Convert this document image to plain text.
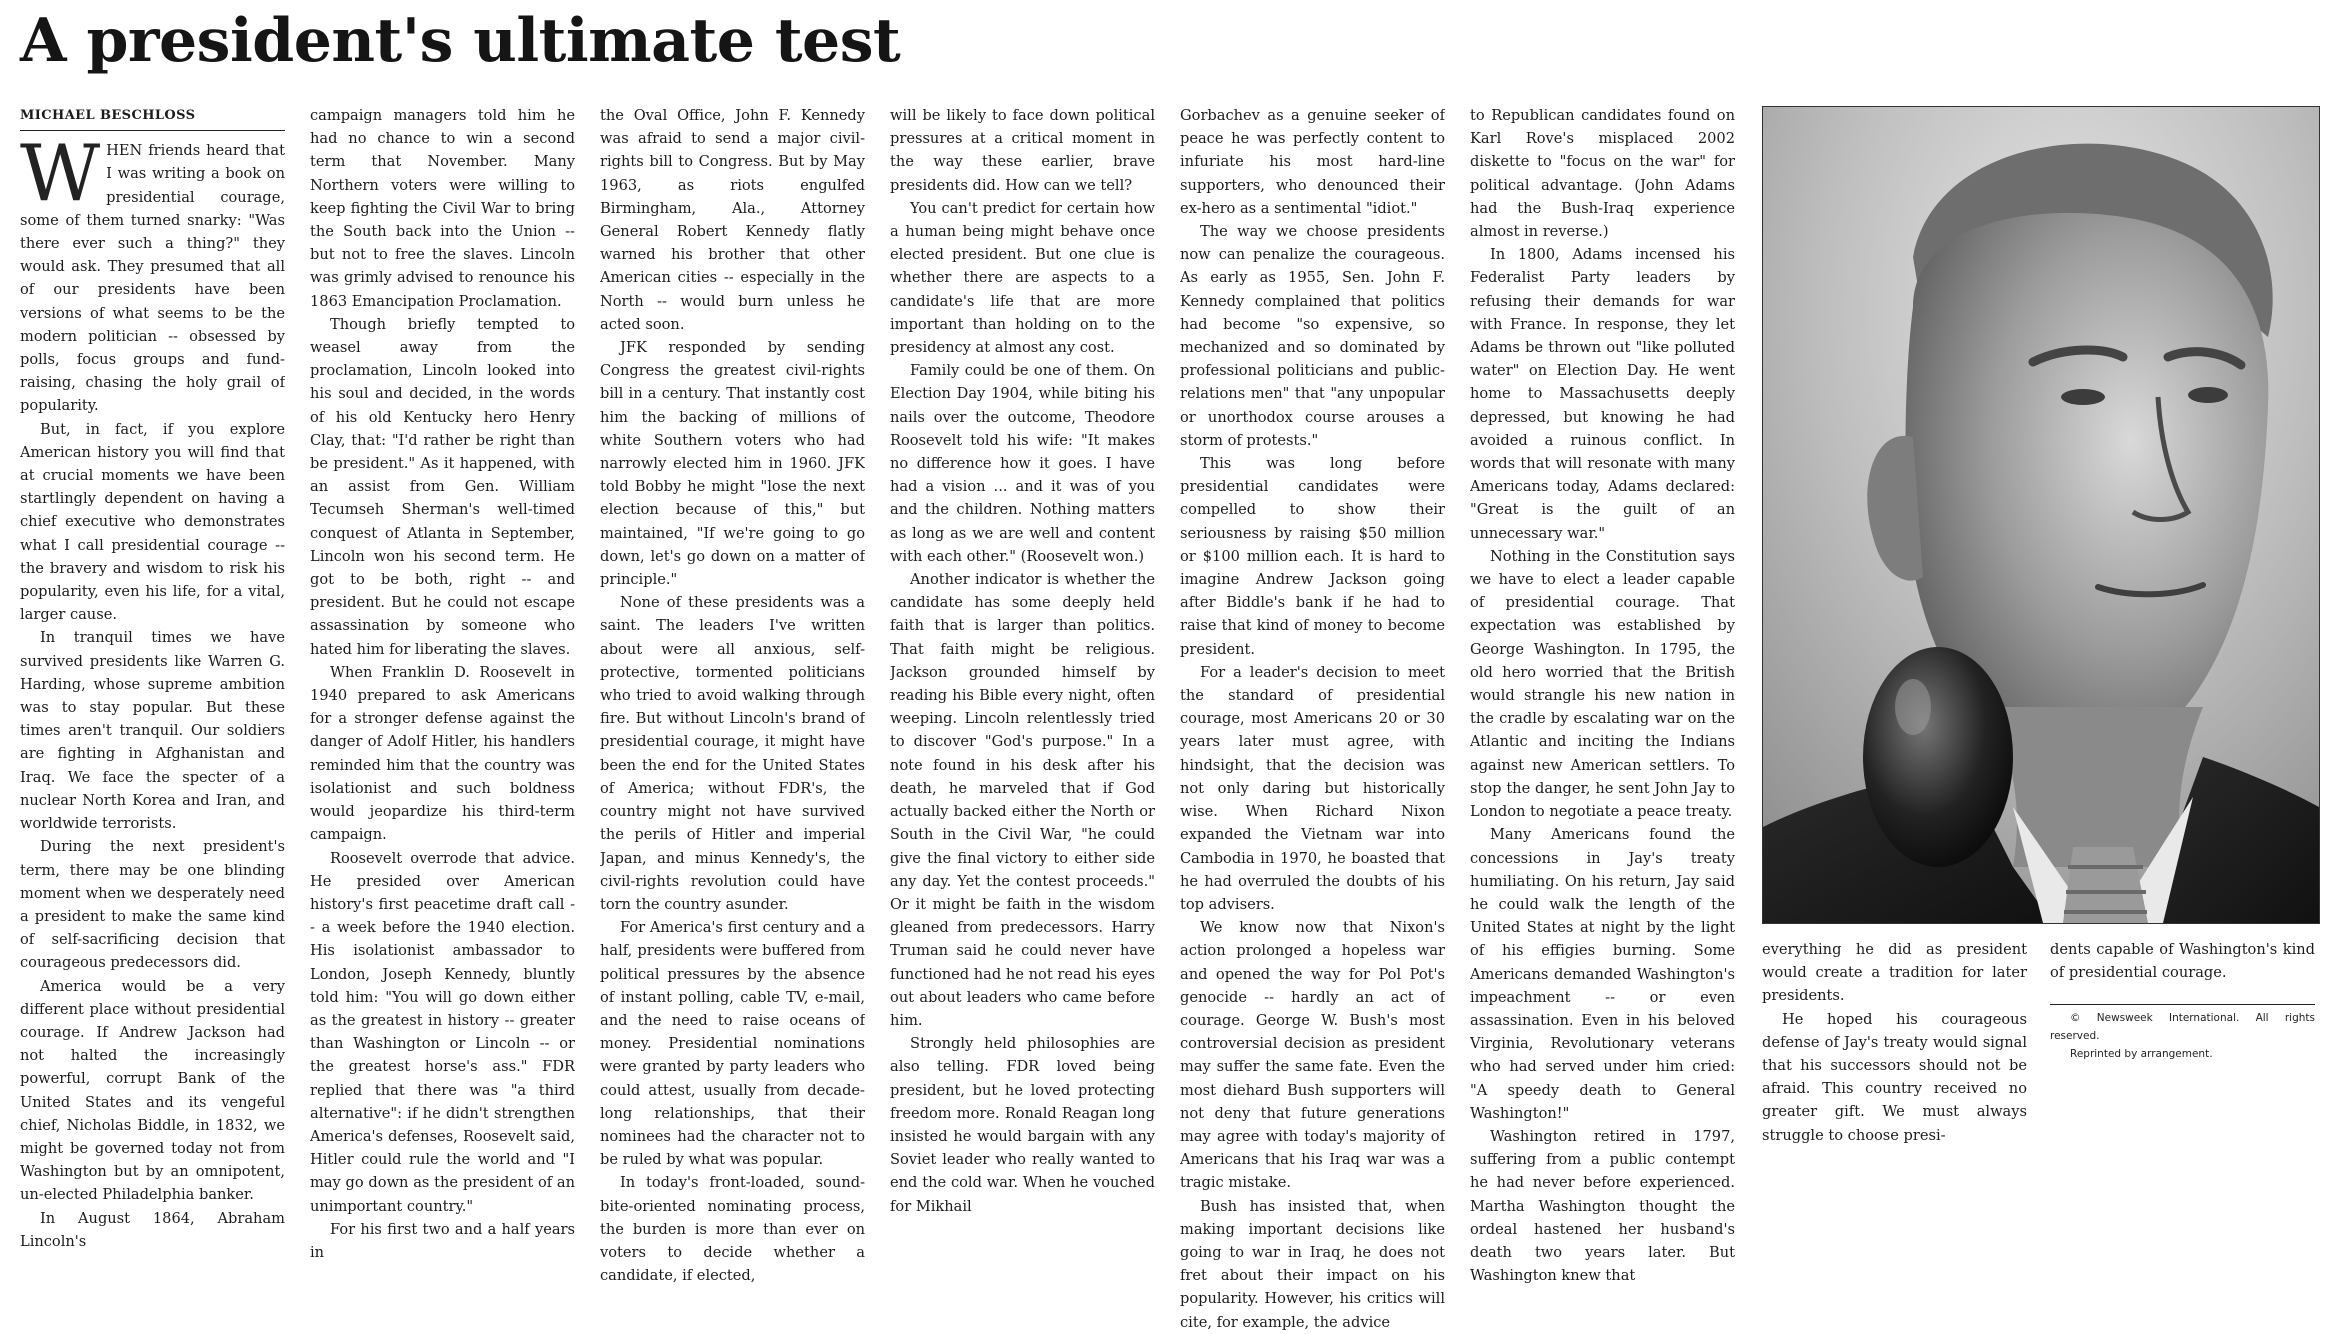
A president's ultimate test
MICHAEL BESCHLOSS

WHEN friends heard that I was writing a book on presidential courage, some of them turned snarky: "Was there ever such a thing?" they would ask. They presumed that all of our presidents have been versions of what seems to be the modern politician -- obsessed by polls, focus groups and fund-raising, chasing the holy grail of popularity.

But, in fact, if you explore American history you will find that at crucial moments we have been startlingly dependent on having a chief executive who demonstrates what I call presidential courage -- the bravery and wisdom to risk his popularity, even his life, for a vital, larger cause.

In tranquil times we have survived presidents like Warren G. Harding, whose supreme ambition was to stay popular. But these times aren't tranquil. Our soldiers are fighting in Afghanistan and Iraq. We face the specter of a nuclear North Korea and Iran, and worldwide terrorists.

During the next president's term, there may be one blinding moment when we desperately need a president to make the same kind of self-sacrificing decision that courageous predecessors did.

America would be a very different place without presidential courage. If Andrew Jackson had not halted the increasingly powerful, corrupt Bank of the United States and its vengeful chief, Nicholas Biddle, in 1832, we might be governed today not from Washington but by an omnipotent, un-elected Philadelphia banker.

In August 1864, Abraham Lincoln's

campaign managers told him he had no chance to win a second term that November. Many Northern voters were willing to keep fighting the Civil War to bring the South back into the Union -- but not to free the slaves. Lincoln was grimly advised to renounce his 1863 Emancipation Proclamation.

Though briefly tempted to weasel away from the proclamation, Lincoln looked into his soul and decided, in the words of his old Kentucky hero Henry Clay, that: "I'd rather be right than be president." As it happened, with an assist from Gen. William Tecumseh Sherman's well-timed conquest of Atlanta in September, Lincoln won his second term. He got to be both, right -- and president. But he could not escape assassination by someone who hated him for liberating the slaves.

When Franklin D. Roosevelt in 1940 prepared to ask Americans for a stronger defense against the danger of Adolf Hitler, his handlers reminded him that the country was isolationist and such boldness would jeopardize his third-term campaign.

Roosevelt overrode that advice. He presided over American history's first peacetime draft call -- a week before the 1940 election. His isolationist ambassador to London, Joseph Kennedy, bluntly told him: "You will go down either as the greatest in history -- greater than Washington or Lincoln -- or the greatest horse's ass." FDR replied that there was "a third alternative": if he didn't strengthen America's defenses, Roosevelt said, Hitler could rule the world and "I may go down as the president of an unimportant country."

For his first two and a half years in

the Oval Office, John F. Kennedy was afraid to send a major civil-rights bill to Congress. But by May 1963, as riots engulfed Birmingham, Ala., Attorney General Robert Kennedy flatly warned his brother that other American cities -- especially in the North -- would burn unless he acted soon.

JFK responded by sending Congress the greatest civil-rights bill in a century. That instantly cost him the backing of millions of white Southern voters who had narrowly elected him in 1960. JFK told Bobby he might "lose the next election because of this," but maintained, "If we're going to go down, let's go down on a matter of principle."

None of these presidents was a saint. The leaders I've written about were all anxious, self-protective, tormented politicians who tried to avoid walking through fire. But without Lincoln's brand of presidential courage, it might have been the end for the United States of America; without FDR's, the country might not have survived the perils of Hitler and imperial Japan, and minus Kennedy's, the civil-rights revolution could have torn the country asunder.

For America's first century and a half, presidents were buffered from political pressures by the absence of instant polling, cable TV, e-mail, and the need to raise oceans of money. Presidential nominations were granted by party leaders who could attest, usually from decade-long relationships, that their nominees had the character not to be ruled by what was popular.

In today's front-loaded, sound-bite-oriented nominating process, the burden is more than ever on voters to decide whether a candidate, if elected,

will be likely to face down political pressures at a critical moment in the way these earlier, brave presidents did. How can we tell?

You can't predict for certain how a human being might behave once elected president. But one clue is whether there are aspects to a candidate's life that are more important than holding on to the presidency at almost any cost.

Family could be one of them. On Election Day 1904, while biting his nails over the outcome, Theodore Roosevelt told his wife: "It makes no difference how it goes. I have had a vision ... and it was of you and the children. Nothing matters as long as we are well and content with each other." (Roosevelt won.)

Another indicator is whether the candidate has some deeply held faith that is larger than politics. That faith might be religious. Jackson grounded himself by reading his Bible every night, often weeping. Lincoln relentlessly tried to discover "God's purpose." In a note found in his desk after his death, he marveled that if God actually backed either the North or South in the Civil War, "he could give the final victory to either side any day. Yet the contest proceeds." Or it might be faith in the wisdom gleaned from predecessors. Harry Truman said he could never have functioned had he not read his eyes out about leaders who came before him.

Strongly held philosophies are also telling. FDR loved being president, but he loved protecting freedom more. Ronald Reagan long insisted he would bargain with any Soviet leader who really wanted to end the cold war. When he vouched for Mikhail

Gorbachev as a genuine seeker of peace he was perfectly content to infuriate his most hard-line supporters, who denounced their ex-hero as a sentimental "idiot."

The way we choose presidents now can penalize the courageous. As early as 1955, Sen. John F. Kennedy complained that politics had become "so expensive, so mechanized and so dominated by professional politicians and public-relations men" that "any unpopular or unorthodox course arouses a storm of protests."

This was long before presidential candidates were compelled to show their seriousness by raising $50 million or $100 million each. It is hard to imagine Andrew Jackson going after Biddle's bank if he had to raise that kind of money to become president.

For a leader's decision to meet the standard of presidential courage, most Americans 20 or 30 years later must agree, with hindsight, that the decision was not only daring but historically wise. When Richard Nixon expanded the Vietnam war into Cambodia in 1970, he boasted that he had overruled the doubts of his top advisers.

We know now that Nixon's action prolonged a hopeless war and opened the way for Pol Pot's genocide -- hardly an act of courage. George W. Bush's most controversial decision as president may suffer the same fate. Even the most diehard Bush supporters will not deny that future generations may agree with today's majority of Americans that his Iraq war was a tragic mistake.

Bush has insisted that, when making important decisions like going to war in Iraq, he does not fret about their impact on his popularity. However, his critics will cite, for example, the advice

to Republican candidates found on Karl Rove's misplaced 2002 diskette to "focus on the war" for political advantage. (John Adams had the Bush-Iraq experience almost in reverse.)

In 1800, Adams incensed his Federalist Party leaders by refusing their demands for war with France. In response, they let Adams be thrown out "like polluted water" on Election Day. He went home to Massachusetts deeply depressed, but knowing he had avoided a ruinous conflict. In words that will resonate with many Americans today, Adams declared: "Great is the guilt of an unnecessary war."

Nothing in the Constitution says we have to elect a leader capable of presidential courage. That expectation was established by George Washington. In 1795, the old hero worried that the British would strangle his new nation in the cradle by escalating war on the Atlantic and inciting the Indians against new American settlers. To stop the danger, he sent John Jay to London to negotiate a peace treaty.

Many Americans found the concessions in Jay's treaty humiliating. On his return, Jay said he could walk the length of the United States at night by the light of his effigies burning. Some Americans demanded Washington's impeachment -- or even assassination. Even in his beloved Virginia, Revolutionary veterans who had served under him cried: "A speedy death to General Washington!"

Washington retired in 1797, suffering from a public contempt he had never before experienced. Martha Washington thought the ordeal hastened her husband's death two years later. But Washington knew that

everything he did as president would create a tradition for later presidents.

He hoped his courageous defense of Jay's treaty would signal that his successors should not be afraid. This country received no greater gift. We must always struggle to choose presi-

dents capable of Washington's kind of presidential courage.

© Newsweek International. All rights reserved.

Reprinted by arrangement.
